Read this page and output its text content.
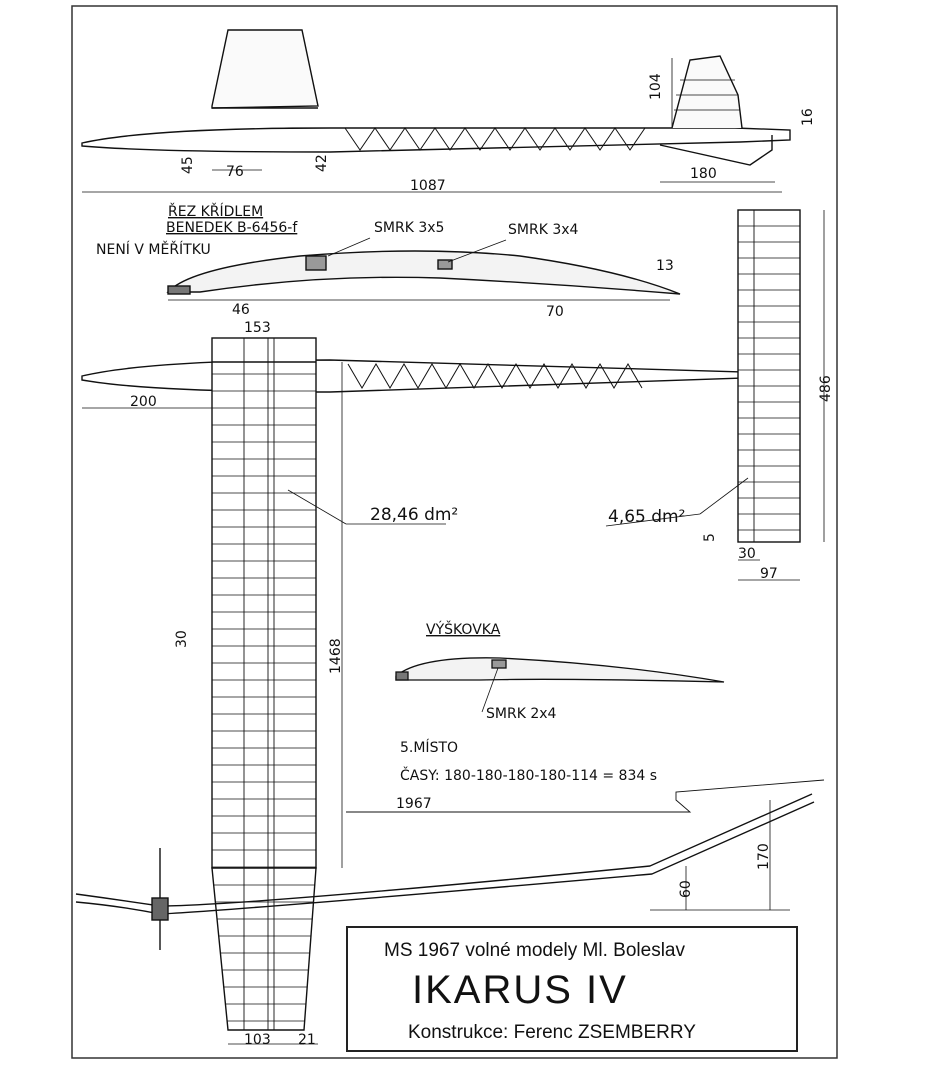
104
16
45 76	42
1087
180
ŘEZ KŘÍDLEM
BENEDEK B-6456-f
NENÍ V MĚŘÍTKU
SMRK 3x5	SMRK 3x4
13
46	70
153
200	486
5
30
97
30	1468
103 21
28,46 dm²	4,65 dm²
VÝŠKOVKA
SMRK 2x4
5.MÍSTO
ČASY: 180-180-180-180-114 = 834 s
1967
60
170
MS 1967 volné modely Ml. Boleslav
IKARUS IV
Konstrukce: Ferenc ZSEMBERRY
